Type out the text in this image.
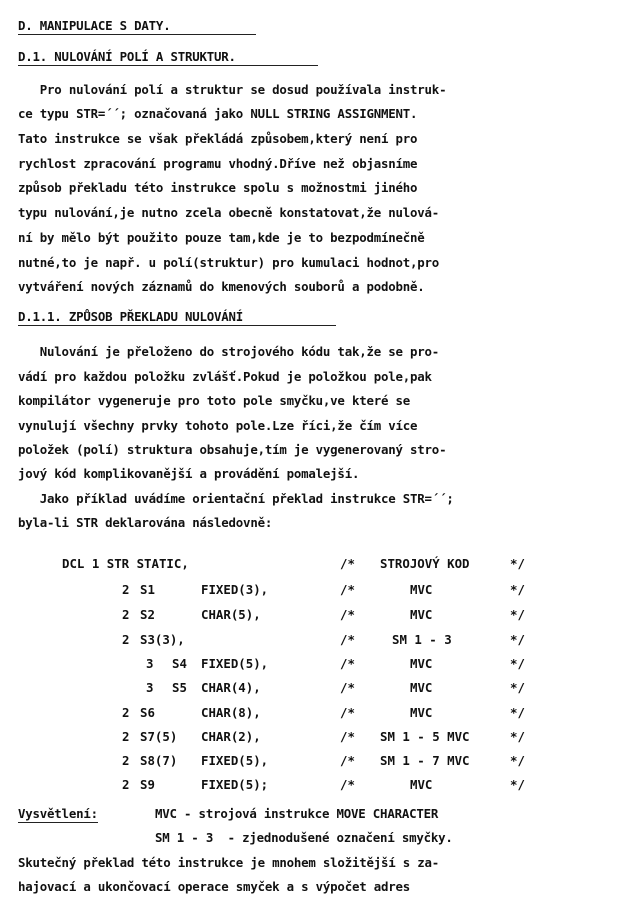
D. MANIPULACE S DATY.
D.1. NULOVÁNÍ POLÍ A STRUKTUR.
Pro nulování polí a struktur se dosud používala instruk-
ce typu STR=´´; označovaná jako NULL STRING ASSIGNMENT.
Tato instrukce se však překládá způsobem,který není pro
rychlost zpracování programu vhodný.Dříve než objasníme
způsob překladu této instrukce spolu s možnostmi jiného
typu nulování,je nutno zcela obecně konstatovat,že nulová-
ní by mělo být použito pouze tam,kde je to bezpodmínečně
nutné,to je např. u polí(struktur) pro kumulaci hodnot,pro
vytváření nových záznamů do kmenových souborů a podobně.
D.1.1. ZPŮSOB PŘEKLADU NULOVÁNÍ
Nulování je přeloženo do strojového kódu tak,že se pro-
vádí pro každou položku zvlášť.Pokud je položkou pole,pak
kompilátor vygeneruje pro toto pole smyčku,ve které se
vynulují všechny prvky tohoto pole.Lze říci,že čím více
položek (polí) struktura obsahuje,tím je vygenerovaný stro-
jový kód komplikovanější a provádění pomalejší.
Jako příklad uvádíme orientační překlad instrukce STR=´´;
byla-li STR deklarována následovně:
DCL 1 STR STATIC,	/* STROJOVÝ KOD	*/
2 S1	FIXED(3),	/*	MVC	*/
2 S2	CHAR(5),	/*	MVC	*/
2 S3(3),	/*	SM 1 - 3	*/
3 S4 FIXED(5),	/*	MVC	*/
3 S5 CHAR(4),	/*	MVC	*/
2 S6	CHAR(8),	/*	MVC	*/
2 S7(5) CHAR(2),	/* SM 1 - 5 MVC	*/
2 S8(7) FIXED(5),	/* SM 1 - 7 MVC	*/
2 S9	FIXED(5);	/*	MVC	*/
Vysvětlení:	MVC - strojová instrukce MOVE CHARACTER
SM 1 - 3  - zjednodušené označení smyčky.
Skutečný překlad této instrukce je mnohem složitější s za-
hajovací a ukončovací operace smyček a s výpočet adres
